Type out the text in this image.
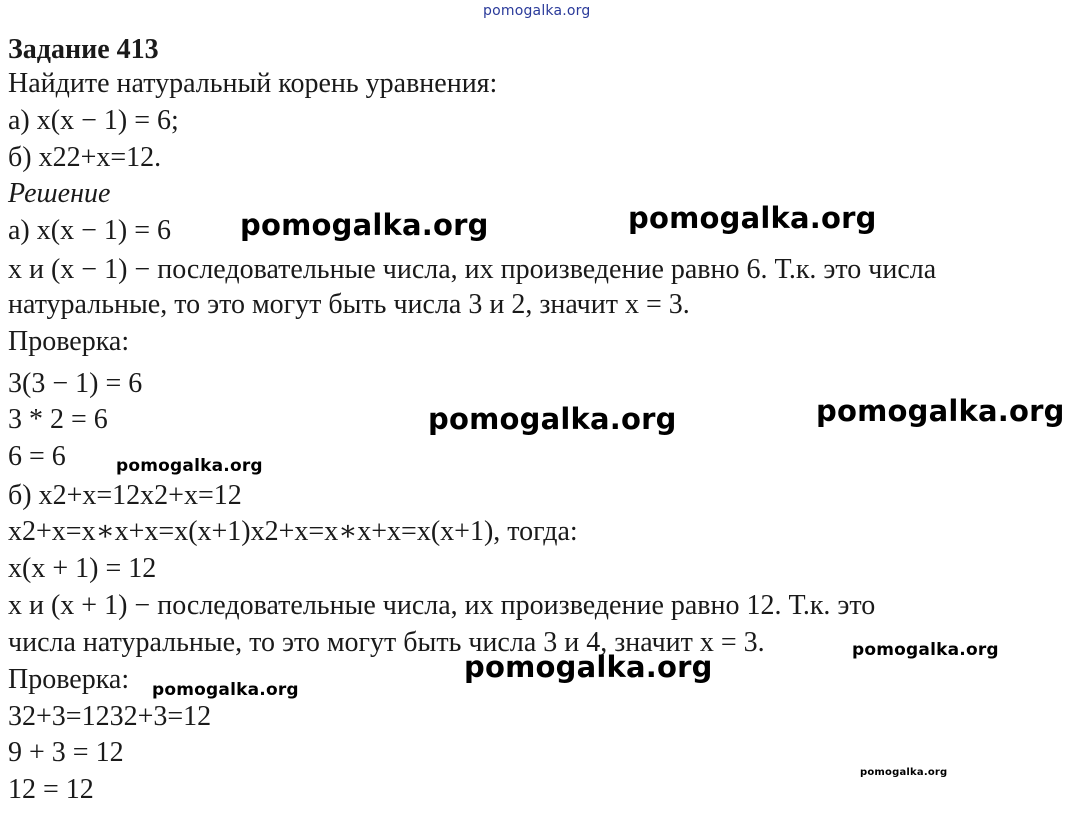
pomogalka.org
Задание 413
Найдите натуральный корень уравнения:
а) x(x − 1) = 6;
б) x22+x=12.
Решение
а) x(x − 1) = 6
x и (x − 1) − последовательные числа, их произведение равно 6. Т.к. это числа
натуральные, то это могут быть числа 3 и 2, значит x = 3.
Проверка:
3(3 − 1) = 6
3 * 2 = 6
6 = 6
б) x2+x=12x2+x=12
x2+x=x∗x+x=x(x+1)x2+x=x∗x+x=x(x+1), тогда:
x(x + 1) = 12
x и (x + 1) − последовательные числа, их произведение равно 12. Т.к. это
числа натуральные, то это могут быть числа 3 и 4, значит x = 3.
Проверка:
32+3=1232+3=12
9 + 3 = 12
12 = 12
pomogalka.org	pomogalka.org
pomogalka.org	pomogalka.org
pomogalka.org
pomogalka.org	pomogalka.org
pomogalka.org
pomogalka.org
